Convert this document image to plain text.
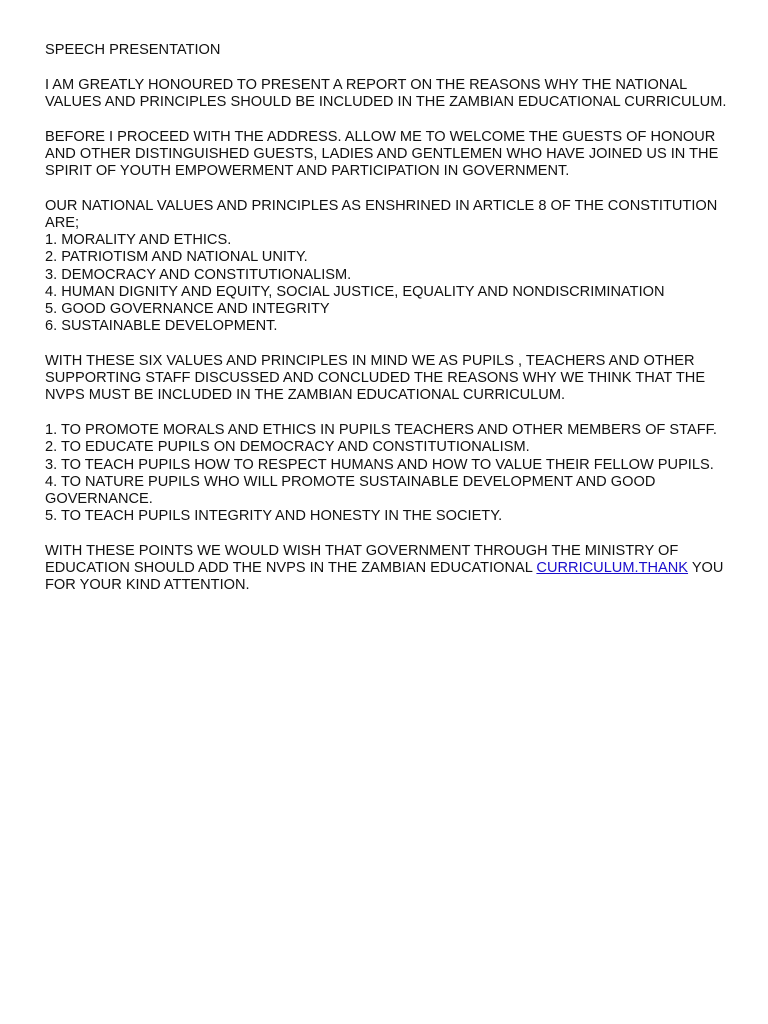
SPEECH PRESENTATION
I AM GREATLY HONOURED TO PRESENT A REPORT ON THE REASONS WHY THE NATIONAL
VALUES AND PRINCIPLES SHOULD BE INCLUDED IN THE ZAMBIAN EDUCATIONAL CURRICULUM.
BEFORE I PROCEED WITH THE ADDRESS. ALLOW ME TO WELCOME THE GUESTS OF HONOUR
AND OTHER DISTINGUISHED GUESTS, LADIES AND GENTLEMEN WHO HAVE JOINED US IN THE
SPIRIT OF YOUTH EMPOWERMENT AND PARTICIPATION IN GOVERNMENT.
OUR NATIONAL VALUES AND PRINCIPLES AS ENSHRINED IN ARTICLE 8 OF THE CONSTITUTION
ARE;
1. MORALITY AND ETHICS.
2. PATRIOTISM AND NATIONAL UNITY.
3. DEMOCRACY AND CONSTITUTIONALISM.
4. HUMAN DIGNITY AND EQUITY, SOCIAL JUSTICE, EQUALITY AND NONDISCRIMINATION
5. GOOD GOVERNANCE AND INTEGRITY
6. SUSTAINABLE DEVELOPMENT.
WITH THESE SIX VALUES AND PRINCIPLES IN MIND WE AS PUPILS , TEACHERS AND OTHER
SUPPORTING STAFF DISCUSSED AND CONCLUDED THE REASONS WHY WE THINK THAT THE
NVPS MUST BE INCLUDED IN THE ZAMBIAN EDUCATIONAL CURRICULUM.
1. TO PROMOTE MORALS AND ETHICS IN PUPILS TEACHERS AND OTHER MEMBERS OF STAFF.
2. TO EDUCATE PUPILS ON DEMOCRACY AND CONSTITUTIONALISM.
3. TO TEACH PUPILS HOW TO RESPECT HUMANS AND HOW TO VALUE THEIR FELLOW PUPILS.
4. TO NATURE PUPILS WHO WILL PROMOTE SUSTAINABLE DEVELOPMENT AND GOOD
GOVERNANCE.
5. TO TEACH PUPILS INTEGRITY AND HONESTY IN THE SOCIETY.
WITH THESE POINTS WE WOULD WISH THAT GOVERNMENT THROUGH THE MINISTRY OF
EDUCATION SHOULD ADD THE NVPS IN THE ZAMBIAN EDUCATIONAL CURRICULUM.THANK YOU
FOR YOUR KIND ATTENTION.
